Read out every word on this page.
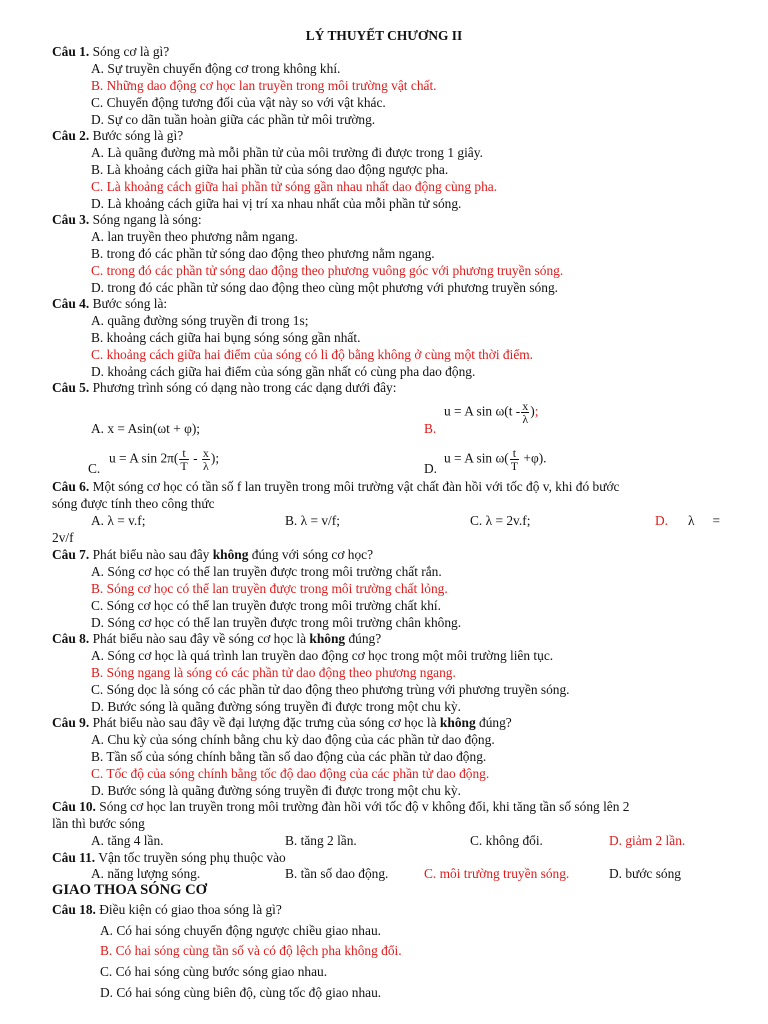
LÝ THUYẾT CHƯƠNG II
Câu 1. Sóng cơ là gì?
A. Sự truyền chuyển động cơ trong không khí.
B. Những dao động cơ học lan truyền trong môi trường vật chất.
C. Chuyển động tương đối của vật này so với vật khác.
D. Sự co dãn tuần hoàn giữa các phần tử môi trường.
Câu 2. Bước sóng là gì?
A. Là quãng đường mà mỗi phần tử của môi trường đi được trong 1 giây.
B. Là khoảng cách giữa hai phần tử của sóng dao động ngược pha.
C. Là khoảng cách giữa hai phần tử sóng gần nhau nhất dao động cùng pha.
D. Là khoảng cách giữa hai vị trí xa nhau nhất của mỗi phần tử sóng.
Câu 3. Sóng ngang là sóng:
A. lan truyền theo phương nằm ngang.
B. trong đó các phần tử sóng dao động theo phương nằm ngang.
C. trong đó các phần tử sóng dao động theo phương vuông góc với phương truyền sóng.
D. trong đó các phần tử sóng dao động theo cùng một phương với phương truyền sóng.
Câu 4. Bước sóng là:
A. quãng đường sóng truyền đi trong 1s;
B. khoảng cách giữa hai bụng sóng sóng gần nhất.
C. khoảng cách giữa hai điểm của sóng có li độ bằng không ở cùng một thời điểm.
D. khoảng cách giữa hai điểm của sóng gần nhất có cùng pha dao động.
Câu 5. Phương trình sóng có dạng nào trong các dạng dưới đây:
A. x = Asin(ωt + φ);	B.
u = A $\sin \omega(t - \frac{x}{\lambda}$ );
u = A $\sin 2\pi( \frac{t}{T} - \frac{x}{\lambda}$ );
C.	D.
u = A $\sin \omega( \frac{t}{T} +\varphi)$.
Câu 6. Một sóng cơ học có tần số f lan truyền trong môi trường vật chất đàn hồi với tốc độ v, khi đó bước
sóng được tính theo công thức
A. λ = v.f;	B. λ = v/f;	C. λ = 2v.f;	D. λ =
2v/f
Câu 7. Phát biểu nào sau đây không đúng với sóng cơ học?
A. Sóng cơ học có thể lan truyền được trong môi trường chất rắn.
B. Sóng cơ học có thể lan truyền được trong môi trường chất lỏng.
C. Sóng cơ học có thể lan truyền được trong môi trường chất khí.
D. Sóng cơ học có thể lan truyền được trong môi trường chân không.
Câu 8. Phát biểu nào sau đây về sóng cơ học là không đúng?
A. Sóng cơ học là quá trình lan truyền dao động cơ học trong một môi trường liên tục.
B. Sóng ngang là sóng có các phần tử dao động theo phương ngang.
C. Sóng dọc là sóng có các phần tử dao động theo phương trùng với phương truyền sóng.
D. Bước sóng là quãng đường sóng truyền đi được trong một chu kỳ.
Câu 9. Phát biểu nào sau đây về đại lượng đặc trưng của sóng cơ học là không đúng?
A. Chu kỳ của sóng chính bằng chu kỳ dao động của các phần tử dao động.
B. Tần số của sóng chính bằng tần số dao động của các phần tử dao động.
C. Tốc độ của sóng chính bằng tốc độ dao động của các phần tử dao động.
D. Bước sóng là quãng đường sóng truyền đi được trong một chu kỳ.
Câu 10. Sóng cơ học lan truyền trong môi trường đàn hồi với tốc độ v không đổi, khi tăng tần số sóng lên 2
lần thì bước sóng
A. tăng 4 lần.	B. tăng 2 lần.	C. không đổi.	D. giảm 2 lần.
Câu 11. Vận tốc truyền sóng phụ thuộc vào
A. năng lượng sóng.	B. tần số dao động.	C. môi trường truyền sóng.	D. bước sóng
GIAO THOA SÓNG CƠ
Câu 18. Điều kiện có giao thoa sóng là gì?
A. Có hai sóng chuyển động ngược chiều giao nhau.
B. Có hai sóng cùng tần số và có độ lệch pha không đổi.
C. Có hai sóng cùng bước sóng giao nhau.
D. Có hai sóng cùng biên độ, cùng tốc độ giao nhau.
